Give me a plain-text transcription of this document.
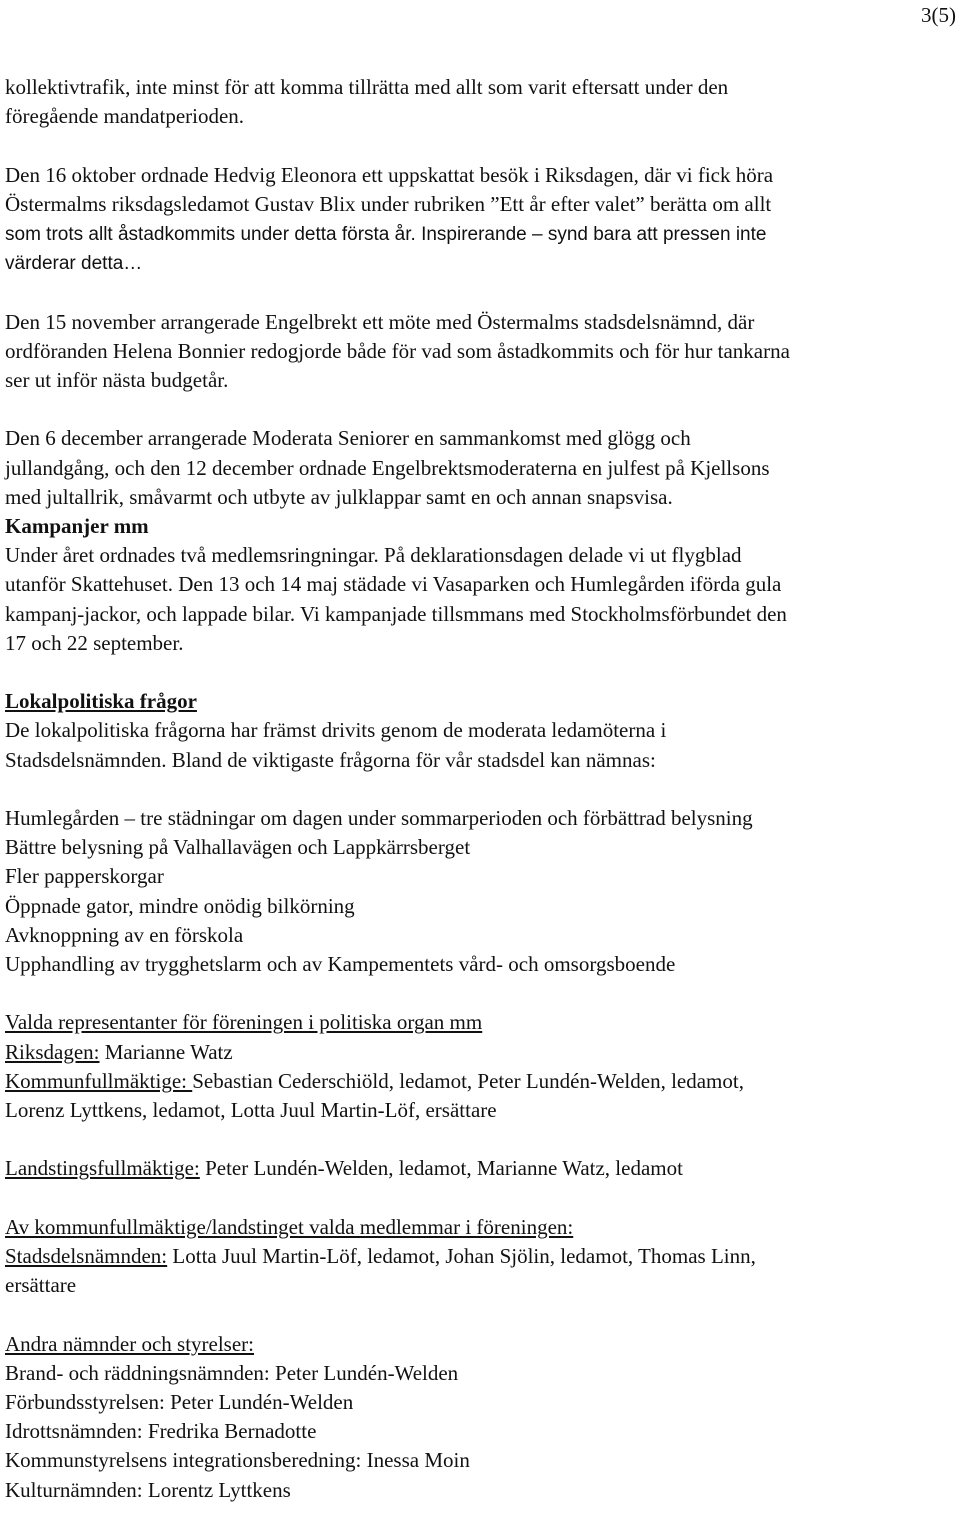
3(5)

kollektivtrafik, inte minst för att komma tillrätta med allt som varit eftersatt under den

föregående mandatperioden.

Den 16 oktober ordnade Hedvig Eleonora ett uppskattat besök i Riksdagen, där vi fick höra

Östermalms riksdagsledamot Gustav Blix under rubriken ”Ett år efter valet” berätta om allt

som trots allt åstadkommits under detta första år. Inspirerande – synd bara att pressen inte

värderar detta…

Den 15 november arrangerade Engelbrekt ett möte med Östermalms stadsdelsnämnd, där

ordföranden Helena Bonnier redogjorde både för vad som åstadkommits och för hur tankarna

ser ut inför nästa budgetår.

Den 6 december arrangerade Moderata Seniorer en sammankomst med glögg och

jullandgång, och den 12 december ordnade Engelbrektsmoderaterna en julfest på Kjellsons

med jultallrik, småvarmt och utbyte av julklappar samt en och annan snapsvisa.

Kampanjer mm

Under året ordnades två medlemsringningar. På deklarationsdagen delade vi ut flygblad

utanför Skattehuset. Den 13 och 14 maj städade vi Vasaparken och Humlegården iförda gula

kampanj-jackor, och lappade bilar. Vi kampanjade tillsmmans med Stockholmsförbundet den

17 och 22 september.

Lokalpolitiska frågor

De lokalpolitiska frågorna har främst drivits genom de moderata ledamöterna i

Stadsdelsnämnden. Bland de viktigaste frågorna för vår stadsdel kan nämnas:

Humlegården – tre städningar om dagen under sommarperioden och förbättrad belysning

Bättre belysning på Valhallavägen och Lappkärrsberget

Fler papperskorgar

Öppnade gator, mindre onödig bilkörning

Avknoppning av en förskola

Upphandling av trygghetslarm och av Kampementets vård- och omsorgsboende

Valda representanter för föreningen i politiska organ mm

Riksdagen: Marianne Watz

Kommunfullmäktige: Sebastian Cederschiöld, ledamot, Peter Lundén-Welden, ledamot,

Lorenz Lyttkens, ledamot, Lotta Juul Martin-Löf, ersättare

Landstingsfullmäktige: Peter Lundén-Welden, ledamot, Marianne Watz, ledamot

Av kommunfullmäktige/landstinget valda medlemmar i föreningen:

Stadsdelsnämnden: Lotta Juul Martin-Löf, ledamot, Johan Sjölin, ledamot, Thomas Linn,

ersättare

Andra nämnder och styrelser:

Brand- och räddningsnämnden: Peter Lundén-Welden

Förbundsstyrelsen: Peter Lundén-Welden

Idrottsnämnden: Fredrika Bernadotte

Kommunstyrelsens integrationsberedning: Inessa Moin

Kulturnämnden: Lorentz Lyttkens
